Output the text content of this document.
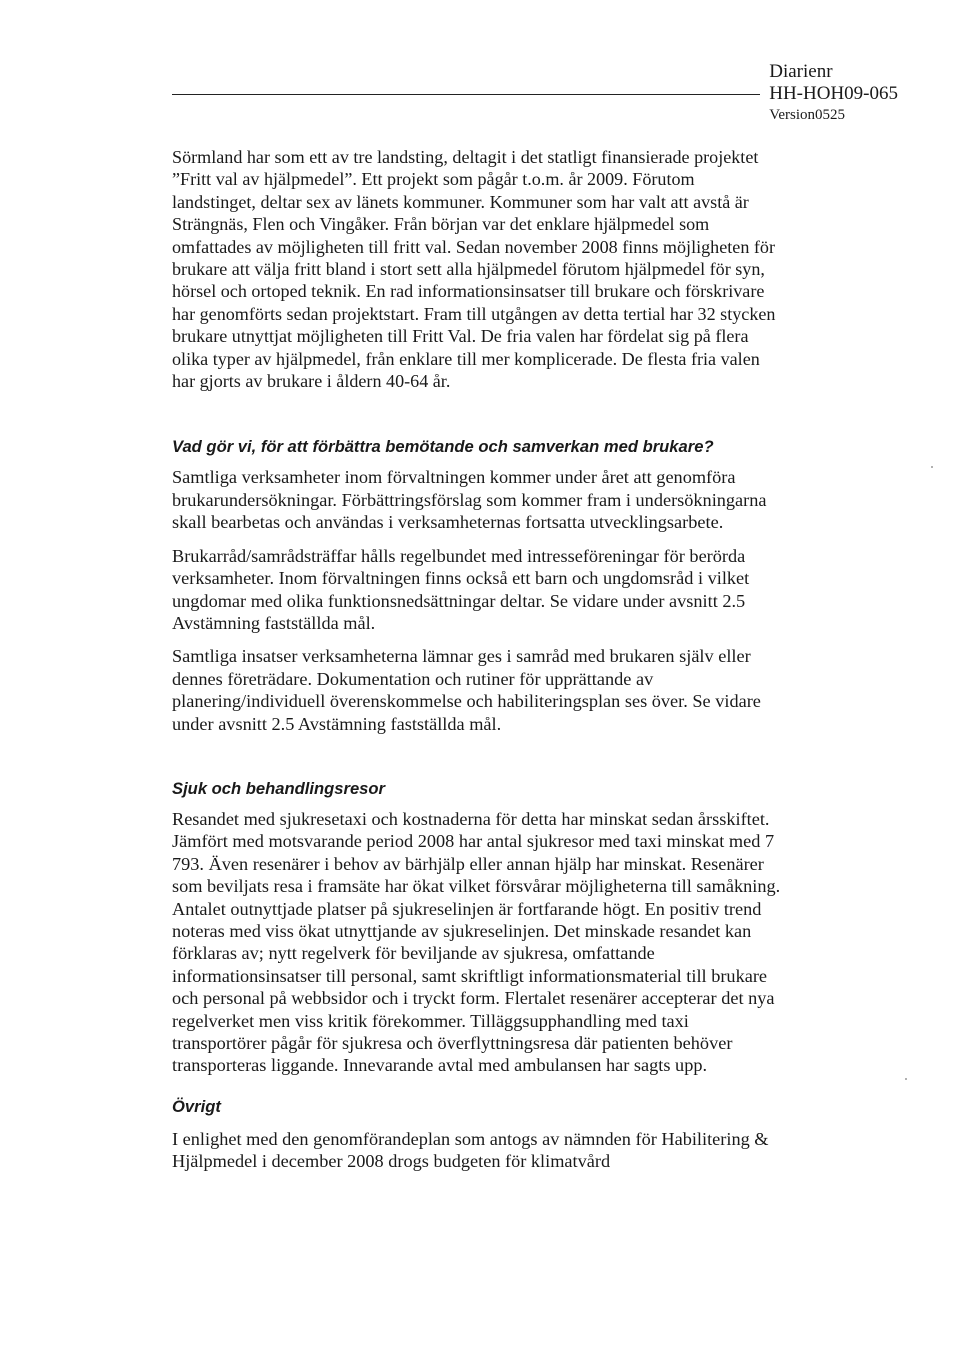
Diarienr
HH-HOH09-065
Version0525

Sörmland har som ett av tre landsting, deltagit i det statligt finansierade projektet ”Fritt val av hjälpmedel”. Ett projekt som pågår t.o.m. år 2009. Förutom landstinget, deltar sex av länets kommuner. Kommuner som har valt att avstå är Strängnäs, Flen och Vingåker. Från början var det enklare hjälpmedel som omfattades av möjligheten till fritt val. Sedan november 2008 finns möjligheten för brukare att välja fritt bland i stort sett alla hjälpmedel förutom hjälpmedel för syn, hörsel och ortoped teknik. En rad informationsinsatser till brukare och förskrivare har genomförts sedan projektstart. Fram till utgången av detta tertial har 32 stycken brukare utnyttjat möjligheten till Fritt Val. De fria valen har fördelat sig på flera olika typer av hjälpmedel, från enklare till mer komplicerade. De flesta fria valen har gjorts av brukare i åldern 40-64 år.

Vad gör vi, för att förbättra bemötande och samverkan med brukare?

Samtliga verksamheter inom förvaltningen kommer under året att genomföra brukarundersökningar. Förbättringsförslag som kommer fram i undersökningarna skall bearbetas och användas i verksamheternas fortsatta utvecklingsarbete.

Brukarråd/samrådsträffar hålls regelbundet med intresseföreningar för berörda verksamheter. Inom förvaltningen finns också ett barn och ungdomsråd i vilket ungdomar med olika funktionsnedsättningar deltar. Se vidare under avsnitt 2.5 Avstämning fastställda mål.

Samtliga insatser verksamheterna lämnar ges i samråd med brukaren själv eller dennes företrädare. Dokumentation och rutiner för upprättande av planering/individuell överenskommelse och habiliteringsplan ses över. Se vidare under avsnitt 2.5 Avstämning fastställda mål.

Sjuk och behandlingsresor

Resandet med sjukresetaxi och kostnaderna för detta har minskat sedan årsskiftet. Jämfört med motsvarande period 2008 har antal sjukresor med taxi minskat med 7 793. Även resenärer i behov av bärhjälp eller annan hjälp har minskat. Resenärer som beviljats resa i framsäte har ökat vilket försvårar möjligheterna till samåkning. Antalet outnyttjade platser på sjukreselinjen är fortfarande högt. En positiv trend noteras med viss ökat utnyttjande av sjukreselinjen. Det minskade resandet kan förklaras av; nytt regelverk för beviljande av sjukresa, omfattande informationsinsatser till personal, samt skriftligt informationsmaterial till brukare och personal på webbsidor och i tryckt form. Flertalet resenärer accepterar det nya regelverket men viss kritik förekommer. Tilläggsupphandling med taxi transportörer pågår för sjukresa och överflyttningsresa där patienten behöver transporteras liggande. Innevarande avtal med ambulansen har sagts upp.

Övrigt

I enlighet med den genomförandeplan som antogs av nämnden för Habilitering & Hjälpmedel i december 2008 drogs budgeten för klimatvård
